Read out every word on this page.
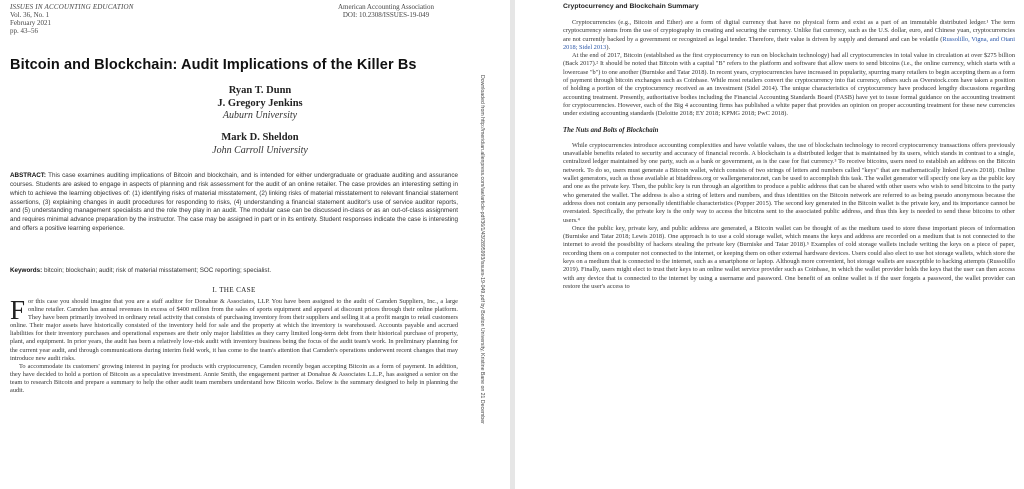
ISSUES IN ACCOUNTING EDUCATION
Vol. 36, No. 1
February 2021
pp. 43–56
American Accounting Association
DOI: 10.2308/ISSUES-19-049
Bitcoin and Blockchain: Audit Implications of the Killer Bs
Ryan T. Dunn
J. Gregory Jenkins
Auburn University
Mark D. Sheldon
John Carroll University
ABSTRACT: This case examines auditing implications of Bitcoin and blockchain, and is intended for either undergraduate or graduate auditing and assurance courses. Students are asked to engage in aspects of planning and risk assessment for the audit of an online retailer. The case provides an interesting setting in which to achieve the learning objectives of: (1) identifying risks of material misstatement, (2) linking risks of material misstatement to relevant financial statement assertions, (3) explaining changes in audit procedures for responding to risks, (4) understanding a financial statement auditor's use of service auditor reports, and (5) understanding management specialists and the role they play in an audit. The modular case can be discussed in-class or as an out-of-class assignment and requires minimal advance preparation by the instructor. The case may be assigned in part or in its entirety. Student responses indicate the case is interesting and offers a positive learning experience.
Keywords: bitcoin; blockchain; audit; risk of material misstatement; SOC reporting; specialist.
I. THE CASE

For this case you should imagine that you are a staff auditor for Donahue & Associates, LLP. You have been assigned to the audit of Camden Suppliers, Inc., a large online retailer. Camden has annual revenues in excess of $400 million from the sales of sports equipment and apparel at discount prices through their online platform. They have been primarily involved in ordinary retail activity that consists of purchasing inventory from their suppliers and selling it at a profit margin to retail customers online. Their major assets have historically consisted of the inventory held for sale and the property at which the inventory is warehoused. Accounts payable and accrued liabilities for their inventory purchases and operational expenses are their only major liabilities as they carry limited long-term debt from their historical purchase of property, plant, and equipment. In prior years, the audit has been a relatively low-risk audit with inventory business being the focus of the audit team's work. In preliminary planning for the current year audit, and through communications during interim field work, it has come to the team's attention that Camden's operations underwent recent changes that may introduce new audit risks.

To accommodate its customers' growing interest in paying for products with cryptocurrency, Camden recently began accepting Bitcoin as a form of payment. In addition, they have decided to hold a portion of Bitcoin as a speculative investment. Annie Smith, the engagement partner at Donahue & Associates L.L.P., has assigned a senior on the team to research Bitcoin and prepare a summary to help the other audit team members understand how Bitcoin works. Below is the summary designed to help in planning the audit.	Downloaded from http://meridian.allenpress.com/iae/article-pdf/36/1/43/2895993/issues-19-049.pdf by Boston University, Kristine Bane on 21 December
Cryptocurrency and Blockchain Summary

Cryptocurrencies (e.g., Bitcoin and Ether) are a form of digital currency that have no physical form and exist as a part of an immutable distributed ledger.¹ The term cryptocurrency stems from the use of cryptography in creating and securing the currency. Unlike fiat currency, such as the U.S. dollar, euro, and Chinese yuan, cryptocurrencies are not currently backed by a government or recognized as legal tender. Therefore, their value is driven by supply and demand and can be volatile (Russolillo, Vigna, and Otani 2018; Sidel 2013).

At the end of 2017, Bitcoin (established as the first cryptocurrency to run on blockchain technology) had all cryptocurrencies in total value in circulation at over $275 billion (Back 2017).² It should be noted that Bitcoin with a capital "B" refers to the platform and software that allow users to send bitcoins (i.e., the online currency, which starts with a lowercase "b") to one another (Burniske and Tatar 2018). In recent years, cryptocurrencies have increased in popularity, spurring many retailers to begin accepting them as a form of payment through bitcoin exchanges such as Coinbase. While most retailers convert the cryptocurrency into fiat currency, others such as Overstock.com have taken a position of holding a portion of the cryptocurrency received as an investment (Sidel 2014). The unique characteristics of cryptocurrency have produced lengthy discussions regarding accounting treatment. Presently, authoritative bodies including the Financial Accounting Standards Board (FASB) have yet to issue formal guidance on the accounting treatment for cryptocurrencies. However, each of the Big 4 accounting firms has published a white paper that provides an opinion on proper accounting treatment for these new currencies under existing accounting standards (Deloitte 2018; EY 2018; KPMG 2018; PwC 2018).

The Nuts and Bolts of Blockchain

While cryptocurrencies introduce accounting complexities and have volatile values, the use of blockchain technology to record cryptocurrency transactions offers previously unavailable benefits related to security and accuracy of financial records. A blockchain is a distributed ledger that is maintained by its users, which stands in contrast to a single, centralized ledger maintained by one party, such as a bank or government, as is the case for fiat currency.³ To receive bitcoins, users need to establish an address on the Bitcoin network. To do so, users must generate a Bitcoin wallet, which consists of two strings of letters and numbers called "keys" that are mathematically linked (Lewis 2018). Online wallet generators, such as those available at bitaddress.org or wallergenerator.net, can be used to accomplish this task. The wallet generator will specify one key as the public key and one as the private key. Then, the public key is run through an algorithm to produce a public address that can be shared with other users who wish to send bitcoins to the party who generated the wallet. The address is also a string of letters and numbers, and thus identities on the Bitcoin network are referred to as being pseudo anonymous because the address does not contain any personally identifiable characteristics (Popper 2015). The second key generated in the Bitcoin wallet is the private key, and its importance cannot be overstated. Specifically, the private key is the only way to access the bitcoins sent to the associated public address, and thus this key is needed to send these bitcoins to other users.⁴

Once the public key, private key, and public address are generated, a Bitcoin wallet can be thought of as the medium used to store these important pieces of information (Burniske and Tatar 2018; Lewis 2018). One approach is to use a cold storage wallet, which means the keys and address are recorded on a medium that is not connected to the internet to avoid the possibility of hackers stealing the private key (Burniske and Tatar 2018).⁵ Examples of cold storage wallets include writing the keys on a piece of paper, recording them on a computer not connected to the internet, or keeping them on other external hardware devices. Users could also elect to use hot storage wallets, which store the keys on a medium that is connected to the internet, such as a smartphone or laptop. Although more convenient, hot storage wallets are susceptible to hacking attempts (Russolillo 2019). Finally, users might elect to trust their keys to an online wallet service provider such as Coinbase, in which the wallet provider holds the keys that the user can then access with any device that is connected to the internet by using a username and password. One benefit of an online wallet is if the user forgets a password, the wallet provider can restore the user's access to
